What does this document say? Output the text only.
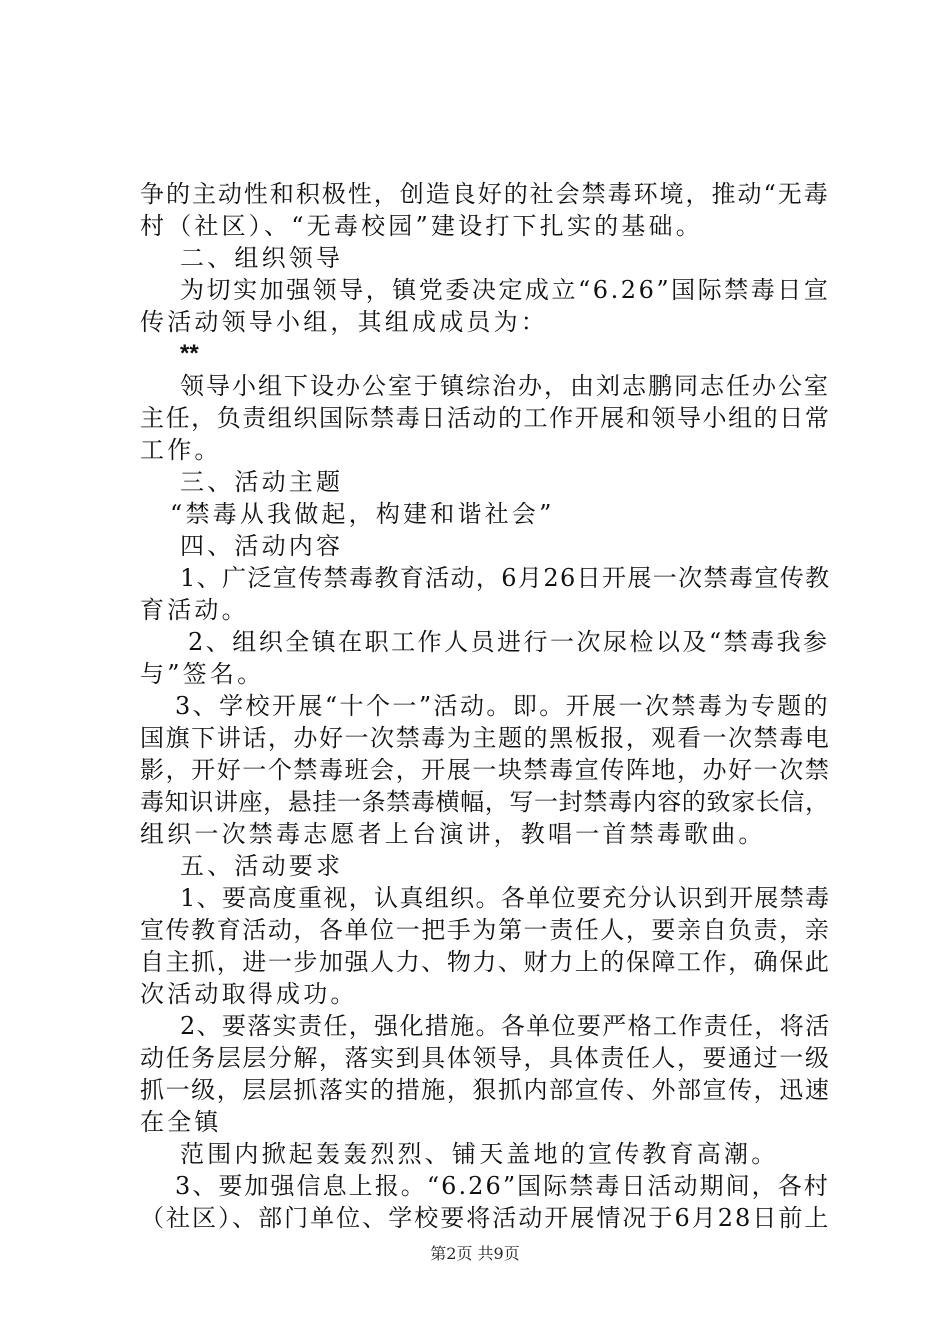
争的主动性和积极性，创造良好的社会禁毒环境，推动“无毒
村（社区）、“无毒校园”建设打下扎实的基础。
二、组织领导
为切实加强领导，镇党委决定成立“6.26”国际禁毒日宣
传活动领导小组，其组成成员为：
**
领导小组下设办公室于镇综治办，由刘志鹏同志任办公室
主任，负责组织国际禁毒日活动的工作开展和领导小组的日常
工作。
三、活动主题
“禁毒从我做起，构建和谐社会”
四、活动内容
1、广泛宣传禁毒教育活动，6月26日开展一次禁毒宣传教
育活动。
2、组织全镇在职工作人员进行一次尿检以及“禁毒我参
与”签名。
3、学校开展“十个一”活动。即。开展一次禁毒为专题的
国旗下讲话，办好一次禁毒为主题的黑板报，观看一次禁毒电
影，开好一个禁毒班会，开展一块禁毒宣传阵地，办好一次禁
毒知识讲座，悬挂一条禁毒横幅，写一封禁毒内容的致家长信，
组织一次禁毒志愿者上台演讲，教唱一首禁毒歌曲。
五、活动要求
1、要高度重视，认真组织。各单位要充分认识到开展禁毒
宣传教育活动，各单位一把手为第一责任人，要亲自负责，亲
自主抓，进一步加强人力、物力、财力上的保障工作，确保此
次活动取得成功。
2、要落实责任，强化措施。各单位要严格工作责任，将活
动任务层层分解，落实到具体领导，具体责任人，要通过一级
抓一级，层层抓落实的措施，狠抓内部宣传、外部宣传，迅速
在全镇
范围内掀起轰轰烈烈、铺天盖地的宣传教育高潮。
3、要加强信息上报。“6.26”国际禁毒日活动期间，各村
（社区）、部门单位、学校要将活动开展情况于6月28日前上
第2页 共9页
